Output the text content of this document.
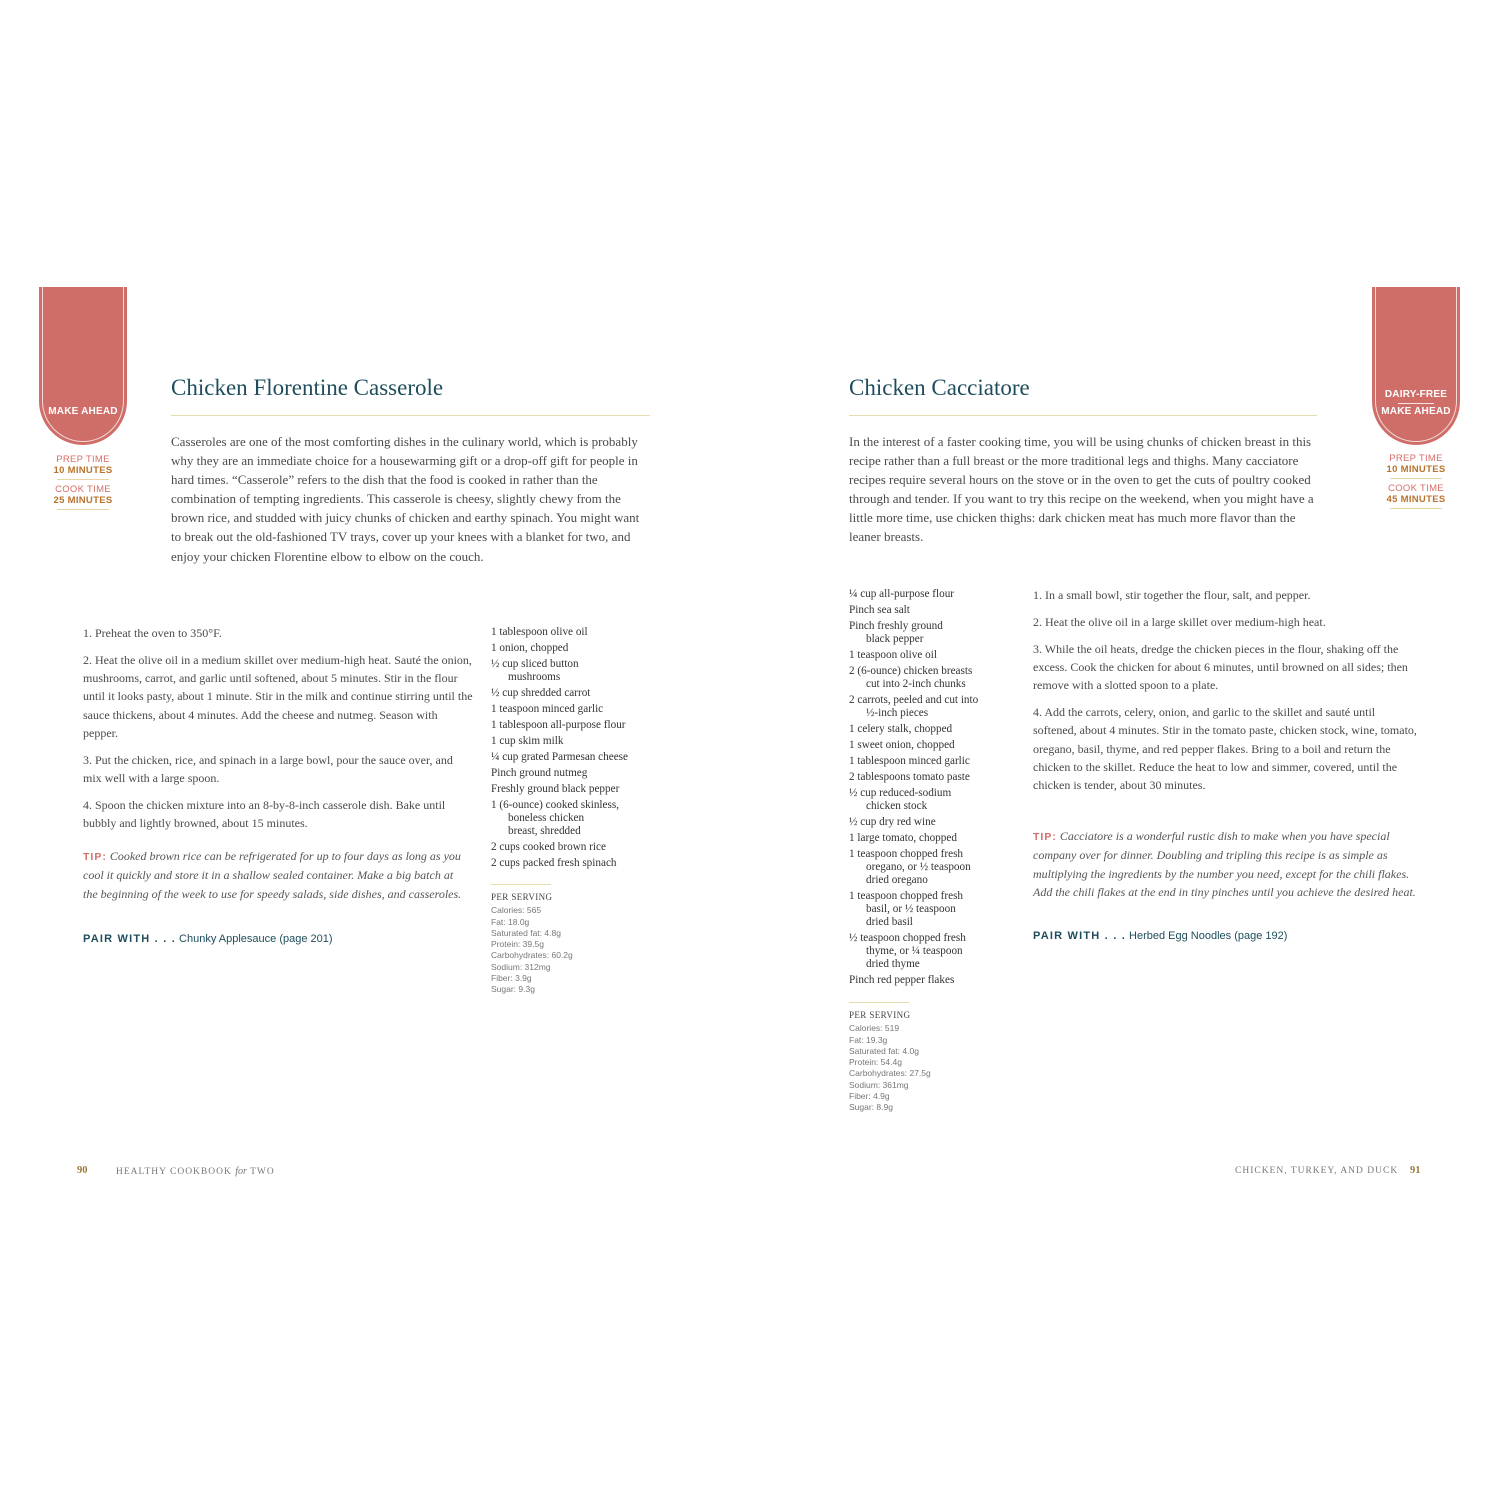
MAKE AHEAD
PREP TIME
10 MINUTES
COOK TIME
25 MINUTES
Chicken Florentine Casserole
Casseroles are one of the most comforting dishes in the culinary world, which is probably why they are an immediate choice for a housewarming gift or a drop-off gift for people in hard times. “Casserole” refers to the dish that the food is cooked in rather than the combination of tempting ingredients. This casserole is cheesy, slightly chewy from the brown rice, and studded with juicy chunks of chicken and earthy spinach. You might want to break out the old-fashioned TV trays, cover up your knees with a blanket for two, and enjoy your chicken Florentine elbow to elbow on the couch.

1. Preheat the oven to 350°F.

2. Heat the olive oil in a medium skillet over medium-high heat. Sauté the onion, mushrooms, carrot, and garlic until softened, about 5 minutes. Stir in the flour until it looks pasty, about 1 minute. Stir in the milk and continue stirring until the sauce thickens, about 4 minutes. Add the cheese and nutmeg. Season with pepper.

3. Put the chicken, rice, and spinach in a large bowl, pour the sauce over, and mix well with a large spoon.

4. Spoon the chicken mixture into an 8-by-8-inch casserole dish. Bake until bubbly and lightly browned, about 15 minutes.

TIP: Cooked brown rice can be refrigerated for up to four days as long as you cool it quickly and store it in a shallow sealed container. Make a big batch at the beginning of the week to use for speedy salads, side dishes, and casseroles.
PAIR WITH . . . Chunky Applesauce (page 201)
1 tablespoon olive oil
1 onion, chopped
½ cup sliced button
mushrooms
½ cup shredded carrot
1 teaspoon minced garlic
1 tablespoon all-purpose flour
1 cup skim milk
¼ cup grated Parmesan cheese
Pinch ground nutmeg
Freshly ground black pepper
1 (6-ounce) cooked skinless,
boneless chicken
breast, shredded
2 cups cooked brown rice
2 cups packed fresh spinach
PER SERVING
Calories: 565
Fat: 18.0g
Saturated fat: 4.8g
Protein: 39.5g
Carbohydrates: 60.2g
Sodium: 312mg
Fiber: 3.9g
Sugar: 9.3g
90	HEALTHY COOKBOOK for TWO
DAIRY-FREE
MAKE AHEAD
PREP TIME
10 MINUTES
COOK TIME
45 MINUTES
Chicken Cacciatore
In the interest of a faster cooking time, you will be using chunks of chicken breast in this recipe rather than a full breast or the more traditional legs and thighs. Many cacciatore recipes require several hours on the stove or in the oven to get the cuts of poultry cooked through and tender. If you want to try this recipe on the weekend, when you might have a little more time, use chicken thighs: dark chicken meat has much more flavor than the leaner breasts.
¼ cup all-purpose flour
Pinch sea salt
Pinch freshly ground
black pepper
1 teaspoon olive oil
2 (6-ounce) chicken breasts
cut into 2-inch chunks
2 carrots, peeled and cut into
½-inch pieces
1 celery stalk, chopped
1 sweet onion, chopped
1 tablespoon minced garlic
2 tablespoons tomato paste
½ cup reduced-sodium
chicken stock
½ cup dry red wine
1 large tomato, chopped
1 teaspoon chopped fresh
oregano, or ½ teaspoon
dried oregano
1 teaspoon chopped fresh
basil, or ½ teaspoon
dried basil
½ teaspoon chopped fresh
thyme, or ¼ teaspoon
dried thyme
Pinch red pepper flakes
PER SERVING
Calories: 519
Fat: 19.3g
Saturated fat: 4.0g
Protein: 54.4g
Carbohydrates: 27.5g
Sodium: 361mg
Fiber: 4.9g
Sugar: 8.9g

1. In a small bowl, stir together the flour, salt, and pepper.

2. Heat the olive oil in a large skillet over medium-high heat.

3. While the oil heats, dredge the chicken pieces in the flour, shaking off the excess. Cook the chicken for about 6 minutes, until browned on all sides; then remove with a slotted spoon to a plate.

4. Add the carrots, celery, onion, and garlic to the skillet and sauté until softened, about 4 minutes. Stir in the tomato paste, chicken stock, wine, tomato, oregano, basil, thyme, and red pepper flakes. Bring to a boil and return the chicken to the skillet. Reduce the heat to low and simmer, covered, until the chicken is tender, about 30 minutes.

TIP: Cacciatore is a wonderful rustic dish to make when you have special company over for dinner. Doubling and tripling this recipe is as simple as multiplying the ingredients by the number you need, except for the chili flakes. Add the chili flakes at the end in tiny pinches until you achieve the desired heat.
PAIR WITH . . . Herbed Egg Noodles (page 192)
CHICKEN, TURKEY, AND DUCK 91
